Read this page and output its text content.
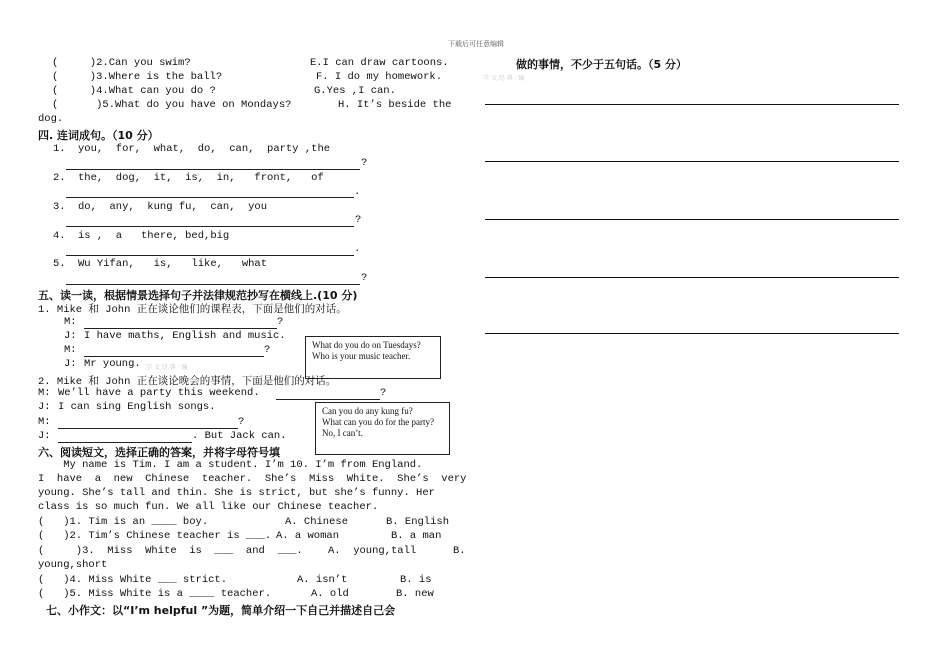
下载后可任意编辑
(     )2.Can you swim?	E.I can draw cartoons.
(     )3.Where is the ball?	F. I do my homework.
(     )4.What can you do ?	G.Yes ,I can.
(      )5.What do you have on Mondays?	H. It’s beside the
dog.
四. 连词成句。（10 分）
1. you,  for,  what,  do,  can,  party ,the
?
2. the,  dog,  it,  is,  in,   front,   of
.
3. do,  any,  kung fu,  can,  you
?
4. is ,  a   there, bed,big
.
5. Wu Yifan,   is,   like,   what
?
五、读一读，根据情景选择句子并法律规范抄写在横线上.(10 分)
1. Mike 和 John 正在谈论他们的课程表，下面是他们的对话。
M:	?
J: I have maths, English and music.
M:	?
J: Mr young. 学 文 经 典 · 编
What do you do on Tuesdays?
Who is your music teacher.
2. Mike 和 John 正在谈论晚会的事情，下面是他们的对话。
M: We’ll have a party this weekend.	?
J: I can sing English songs.
M:	?
J:	. But Jack can.
六、阅读短文，选择正确的答案，并将字母符号填
Can you do any kung fu?
What can you do for the party?
No, I can’t.
My name is Tim. I am a student. I’m 10. I’m from England.
I  have  a  new  Chinese  teacher.  She’s  Miss  White.  She’s  very
young. She’s tall and thin. She is strict, but she’s funny. Her
class is so much fun. We all like our Chinese teacher.
(   )1. Tim is an ____ boy.	A. Chinese	B. English
(   )2. Tim’s Chinese teacher is ___. A. a woman	B. a man
(     )3.  Miss  White  is  ___  and  ___. A.  young,tall	B.
young,short
(   )4. Miss White ___ strict.	A. isn’t	B. is
(   )5. Miss White is a ____ teacher.	A. old	B. new
七、小作文：以“I’m helpful ”为题，简单介绍一下自己并描述自己会
做的事情，不少于五句话。（5 分）
学 文 经 典 · 编
